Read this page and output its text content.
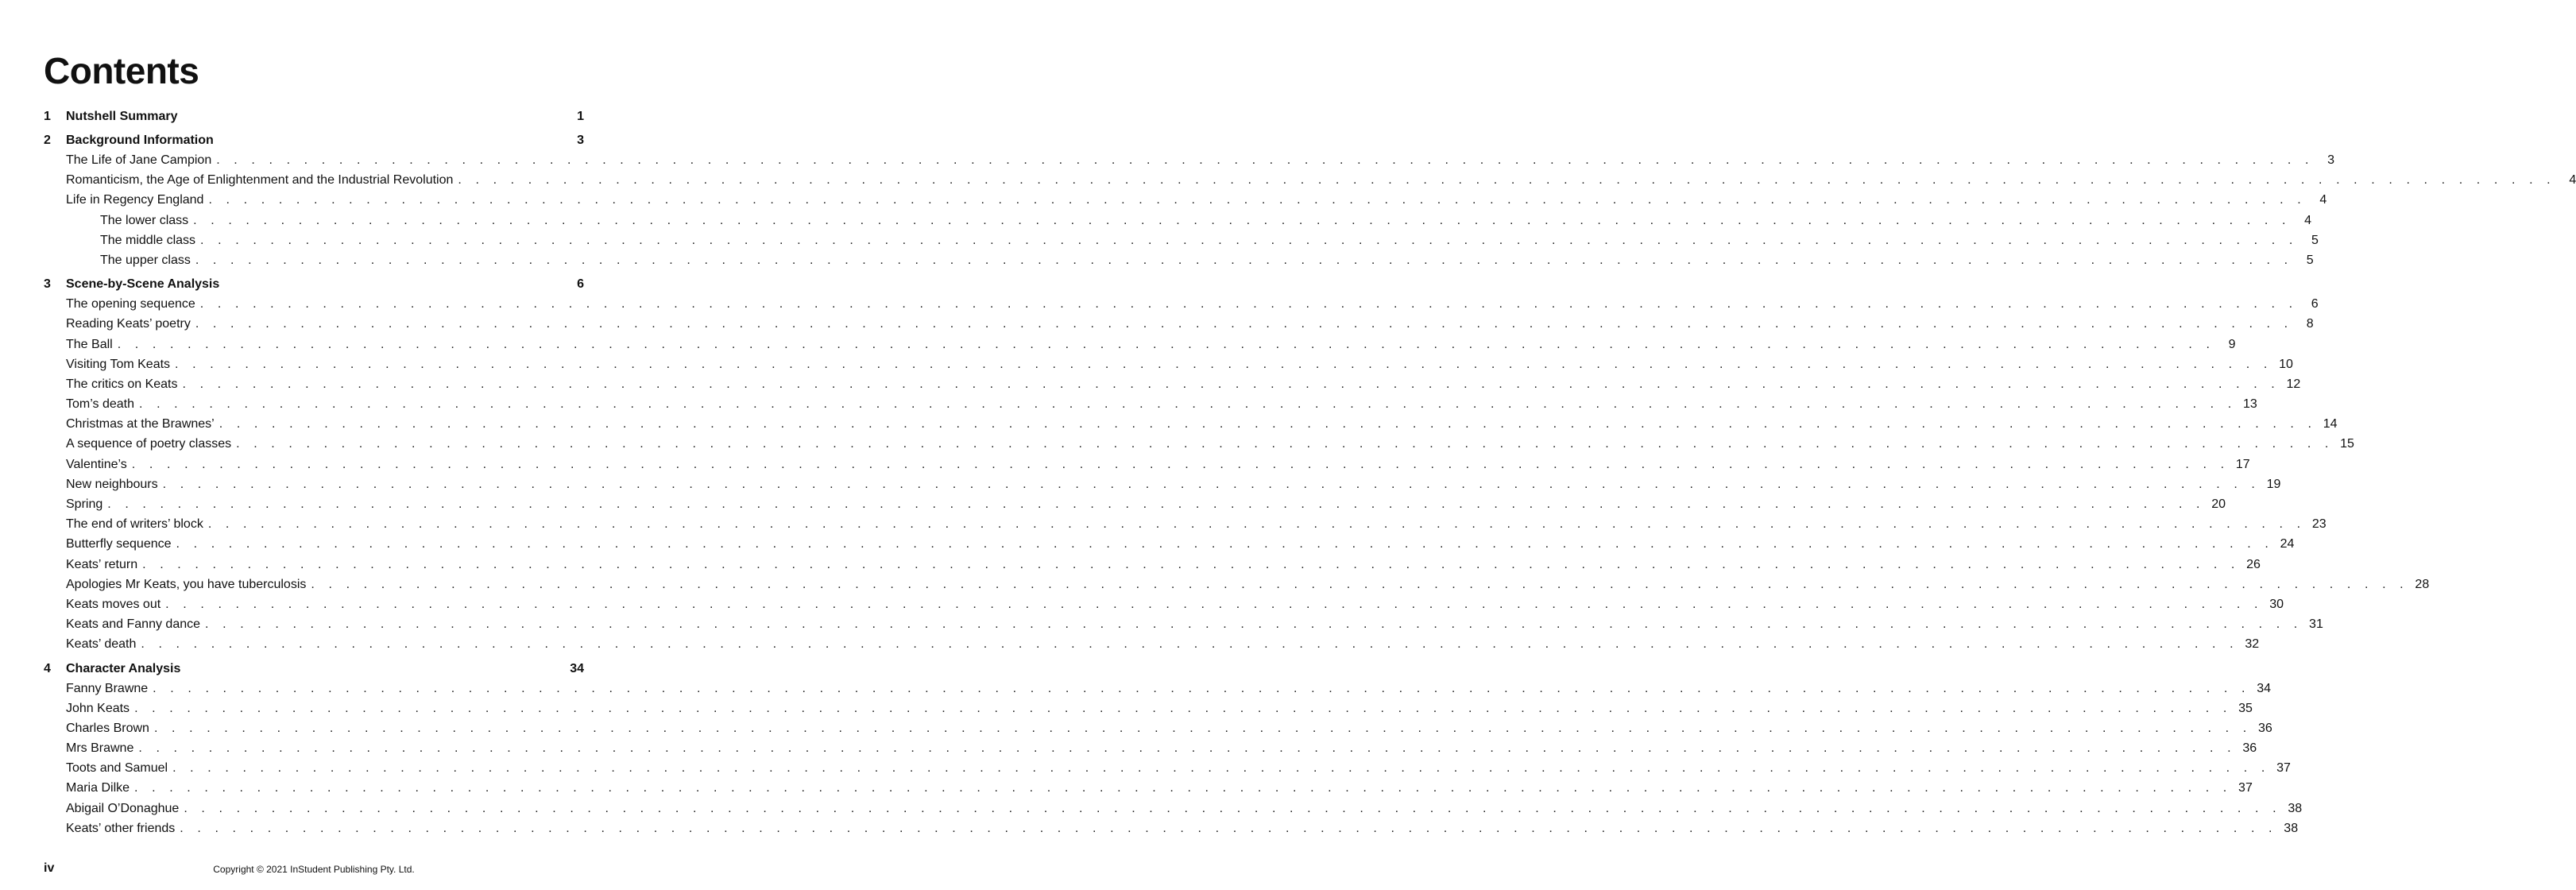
Contents
1 Nutshell Summary	1
2 Background Information	3
The Life of Jane Campion . . . . . . . . . . . . . . . . . . . . . . . . . . . . . . . . . . . . . . . . . . . . . . . . . . . . . . . . . . . . . . . . . . . . . . . . . . . . . . . . . . . . . . . . . . . . . . . . . . . . . . . . . . . . . . . . . . . . . . . .	3
Romanticism, the Age of Enlightenment and the Industrial Revolution . . . . . . . . . . . . . . . . . . . . . . . . . . . . . . . . . . . . . . . . . . . . . . . . . . . . . . . . . . . . . . . . . . . . . . . . . . . . . . . . . . . . . . . . . . . . . . . . . . . . . . . . . . . . . . . . . . . . . . . .	4
Life in Regency England . . . . . . . . . . . . . . . . . . . . . . . . . . . . . . . . . . . . . . . . . . . . . . . . . . . . . . . . . . . . . . . . . . . . . . . . . . . . . . . . . . . . . . . . . . . . . . . . . . . . . . . . . . . . . . . . . . . . . . . .	4
The lower class . . . . . . . . . . . . . . . . . . . . . . . . . . . . . . . . . . . . . . . . . . . . . . . . . . . . . . . . . . . . . . . . . . . . . . . . . . . . . . . . . . . . . . . . . . . . . . . . . . . . . . . . . . . . . . . . . . . . . . . .	4
The middle class . . . . . . . . . . . . . . . . . . . . . . . . . . . . . . . . . . . . . . . . . . . . . . . . . . . . . . . . . . . . . . . . . . . . . . . . . . . . . . . . . . . . . . . . . . . . . . . . . . . . . . . . . . . . . . . . . . . . . . . .	5
The upper class . . . . . . . . . . . . . . . . . . . . . . . . . . . . . . . . . . . . . . . . . . . . . . . . . . . . . . . . . . . . . . . . . . . . . . . . . . . . . . . . . . . . . . . . . . . . . . . . . . . . . . . . . . . . . . . . . . . . . . . .	5
3 Scene-by-Scene Analysis	6
The opening sequence . . . . . . . . . . . . . . . . . . . . . . . . . . . . . . . . . . . . . . . . . . . . . . . . . . . . . . . . . . . . . . . . . . . . . . . . . . . . . . . . . . . . . . . . . . . . . . . . . . . . . . . . . . . . . . . . . . . . . . . .	6
Reading Keats’ poetry . . . . . . . . . . . . . . . . . . . . . . . . . . . . . . . . . . . . . . . . . . . . . . . . . . . . . . . . . . . . . . . . . . . . . . . . . . . . . . . . . . . . . . . . . . . . . . . . . . . . . . . . . . . . . . . . . . . . . . . .	8
The Ball . . . . . . . . . . . . . . . . . . . . . . . . . . . . . . . . . . . . . . . . . . . . . . . . . . . . . . . . . . . . . . . . . . . . . . . . . . . . . . . . . . . . . . . . . . . . . . . . . . . . . . . . . . . . . . . . . . . . . . . .	9
Visiting Tom Keats . . . . . . . . . . . . . . . . . . . . . . . . . . . . . . . . . . . . . . . . . . . . . . . . . . . . . . . . . . . . . . . . . . . . . . . . . . . . . . . . . . . . . . . . . . . . . . . . . . . . . . . . . . . . . . . . . . . . . . . . 10
The critics on Keats . . . . . . . . . . . . . . . . . . . . . . . . . . . . . . . . . . . . . . . . . . . . . . . . . . . . . . . . . . . . . . . . . . . . . . . . . . . . . . . . . . . . . . . . . . . . . . . . . . . . . . . . . . . . . . . . . . . . . . . . 12
Tom’s death . . . . . . . . . . . . . . . . . . . . . . . . . . . . . . . . . . . . . . . . . . . . . . . . . . . . . . . . . . . . . . . . . . . . . . . . . . . . . . . . . . . . . . . . . . . . . . . . . . . . . . . . . . . . . . . . . . . . . . . . 13
Christmas at the Brawnes’ . . . . . . . . . . . . . . . . . . . . . . . . . . . . . . . . . . . . . . . . . . . . . . . . . . . . . . . . . . . . . . . . . . . . . . . . . . . . . . . . . . . . . . . . . . . . . . . . . . . . . . . . . . . . . . . . . . . . . . . . 14
A sequence of poetry classes . . . . . . . . . . . . . . . . . . . . . . . . . . . . . . . . . . . . . . . . . . . . . . . . . . . . . . . . . . . . . . . . . . . . . . . . . . . . . . . . . . . . . . . . . . . . . . . . . . . . . . . . . . . . . . . . . . . . . . . . 15
Valentine’s . . . . . . . . . . . . . . . . . . . . . . . . . . . . . . . . . . . . . . . . . . . . . . . . . . . . . . . . . . . . . . . . . . . . . . . . . . . . . . . . . . . . . . . . . . . . . . . . . . . . . . . . . . . . . . . . . . . . . . . . 17
New neighbours . . . . . . . . . . . . . . . . . . . . . . . . . . . . . . . . . . . . . . . . . . . . . . . . . . . . . . . . . . . . . . . . . . . . . . . . . . . . . . . . . . . . . . . . . . . . . . . . . . . . . . . . . . . . . . . . . . . . . . . . 19
Spring . . . . . . . . . . . . . . . . . . . . . . . . . . . . . . . . . . . . . . . . . . . . . . . . . . . . . . . . . . . . . . . . . . . . . . . . . . . . . . . . . . . . . . . . . . . . . . . . . . . . . . . . . . . . . . . . . . . . . . . . 20
The end of writers’ block . . . . . . . . . . . . . . . . . . . . . . . . . . . . . . . . . . . . . . . . . . . . . . . . . . . . . . . . . . . . . . . . . . . . . . . . . . . . . . . . . . . . . . . . . . . . . . . . . . . . . . . . . . . . . . . . . . . . . . . . 23
Butterfly sequence . . . . . . . . . . . . . . . . . . . . . . . . . . . . . . . . . . . . . . . . . . . . . . . . . . . . . . . . . . . . . . . . . . . . . . . . . . . . . . . . . . . . . . . . . . . . . . . . . . . . . . . . . . . . . . . . . . . . . . . . 24
Keats’ return . . . . . . . . . . . . . . . . . . . . . . . . . . . . . . . . . . . . . . . . . . . . . . . . . . . . . . . . . . . . . . . . . . . . . . . . . . . . . . . . . . . . . . . . . . . . . . . . . . . . . . . . . . . . . . . . . . . . . . . . 26
Apologies Mr Keats, you have tuberculosis . . . . . . . . . . . . . . . . . . . . . . . . . . . . . . . . . . . . . . . . . . . . . . . . . . . . . . . . . . . . . . . . . . . . . . . . . . . . . . . . . . . . . . . . . . . . . . . . . . . . . . . . . . . . . . . . . . . . . . . . 28
Keats moves out . . . . . . . . . . . . . . . . . . . . . . . . . . . . . . . . . . . . . . . . . . . . . . . . . . . . . . . . . . . . . . . . . . . . . . . . . . . . . . . . . . . . . . . . . . . . . . . . . . . . . . . . . . . . . . . . . . . . . . . . 30
Keats and Fanny dance . . . . . . . . . . . . . . . . . . . . . . . . . . . . . . . . . . . . . . . . . . . . . . . . . . . . . . . . . . . . . . . . . . . . . . . . . . . . . . . . . . . . . . . . . . . . . . . . . . . . . . . . . . . . . . . . . . . . . . . . 31
Keats’ death . . . . . . . . . . . . . . . . . . . . . . . . . . . . . . . . . . . . . . . . . . . . . . . . . . . . . . . . . . . . . . . . . . . . . . . . . . . . . . . . . . . . . . . . . . . . . . . . . . . . . . . . . . . . . . . . . . . . . . . . 32
4 Character Analysis	34
Fanny Brawne . . . . . . . . . . . . . . . . . . . . . . . . . . . . . . . . . . . . . . . . . . . . . . . . . . . . . . . . . . . . . . . . . . . . . . . . . . . . . . . . . . . . . . . . . . . . . . . . . . . . . . . . . . . . . . . . . . . . . . . . 34
John Keats . . . . . . . . . . . . . . . . . . . . . . . . . . . . . . . . . . . . . . . . . . . . . . . . . . . . . . . . . . . . . . . . . . . . . . . . . . . . . . . . . . . . . . . . . . . . . . . . . . . . . . . . . . . . . . . . . . . . . . . . 35
Charles Brown . . . . . . . . . . . . . . . . . . . . . . . . . . . . . . . . . . . . . . . . . . . . . . . . . . . . . . . . . . . . . . . . . . . . . . . . . . . . . . . . . . . . . . . . . . . . . . . . . . . . . . . . . . . . . . . . . . . . . . . . 36
Mrs Brawne . . . . . . . . . . . . . . . . . . . . . . . . . . . . . . . . . . . . . . . . . . . . . . . . . . . . . . . . . . . . . . . . . . . . . . . . . . . . . . . . . . . . . . . . . . . . . . . . . . . . . . . . . . . . . . . . . . . . . . . . 36
Toots and Samuel . . . . . . . . . . . . . . . . . . . . . . . . . . . . . . . . . . . . . . . . . . . . . . . . . . . . . . . . . . . . . . . . . . . . . . . . . . . . . . . . . . . . . . . . . . . . . . . . . . . . . . . . . . . . . . . . . . . . . . . . 37
Maria Dilke . . . . . . . . . . . . . . . . . . . . . . . . . . . . . . . . . . . . . . . . . . . . . . . . . . . . . . . . . . . . . . . . . . . . . . . . . . . . . . . . . . . . . . . . . . . . . . . . . . . . . . . . . . . . . . . . . . . . . . . . 37
Abigail O’Donaghue . . . . . . . . . . . . . . . . . . . . . . . . . . . . . . . . . . . . . . . . . . . . . . . . . . . . . . . . . . . . . . . . . . . . . . . . . . . . . . . . . . . . . . . . . . . . . . . . . . . . . . . . . . . . . . . . . . . . . . . . 38
Keats’ other friends . . . . . . . . . . . . . . . . . . . . . . . . . . . . . . . . . . . . . . . . . . . . . . . . . . . . . . . . . . . . . . . . . . . . . . . . . . . . . . . . . . . . . . . . . . . . . . . . . . . . . . . . . . . . . . . . . . . . . . . . 38
iv	Copyright © 2021 InStudent Publishing Pty. Ltd.
